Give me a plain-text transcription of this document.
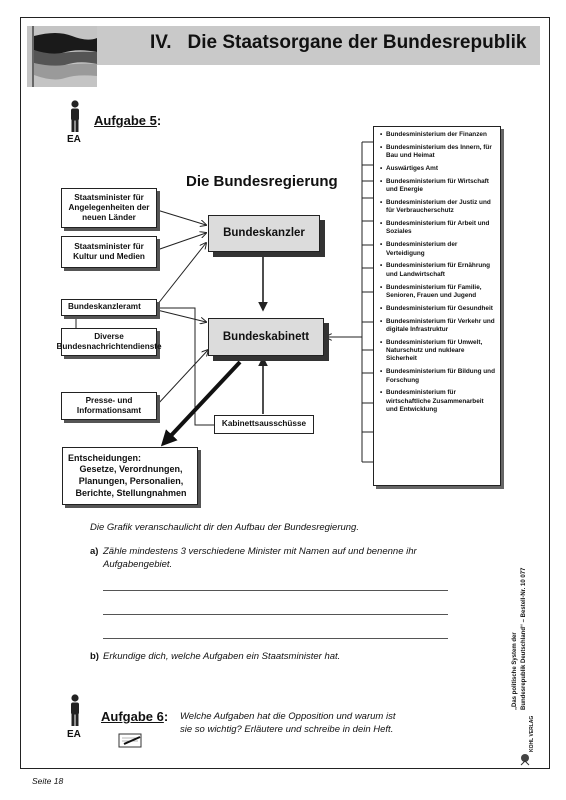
IV. Die Staatsorgane der Bundesrepublik
EA
Aufgabe 5:
Die Bundesregierung
Staatsminister für Angelegenheiten der neuen Länder
Staatsminister für Kultur und Medien
Bundeskanzleramt
Diverse Bundesnachrichtendienste
Presse- und Informationsamt
Bundeskanzler
Bundeskabinett
Kabinettsausschüsse
Entscheidungen:
Gesetze, Verordnungen, Planungen, Personalien, Berichte, Stellungnahmen
• Bundesministerium der Finanzen
• Bundesministerium des Innern, für Bau und Heimat
• Auswärtiges Amt
• Bundesministerium für Wirtschaft und Energie
• Bundesministerium der Justiz und für Verbraucherschutz
• Bundesministerium für Arbeit und Soziales
• Bundesministerium der Verteidigung
• Bundesministerium für Ernährung und Landwirtschaft
• Bundesministerium für Familie, Senioren, Frauen und Jugend
• Bundesministerium für Gesundheit
• Bundesministerium für Verkehr und digitale Infrastruktur
• Bundesministerium für Umwelt, Naturschutz und nukleare Sicherheit
• Bundesministerium für Bildung und Forschung
• Bundesministerium für wirtschaftliche Zusammenarbeit und Entwicklung
Die Grafik veranschaulicht dir den Aufbau der Bundesregierung.
a) Zähle mindestens 3 verschiedene Minister mit Namen auf und benenne ihr
Aufgabengebiet.
b) Erkundige dich, welche Aufgaben ein Staatsminister hat.
EA
Aufgabe 6: Welche Aufgaben hat die Opposition und warum ist
sie so wichtig? Erläutere und schreibe in dein Heft.
„Das politische System der Bundesrepublik Deutschland“ – Bestell-Nr. 10 077
KOHL VERLAG
Seite 18
